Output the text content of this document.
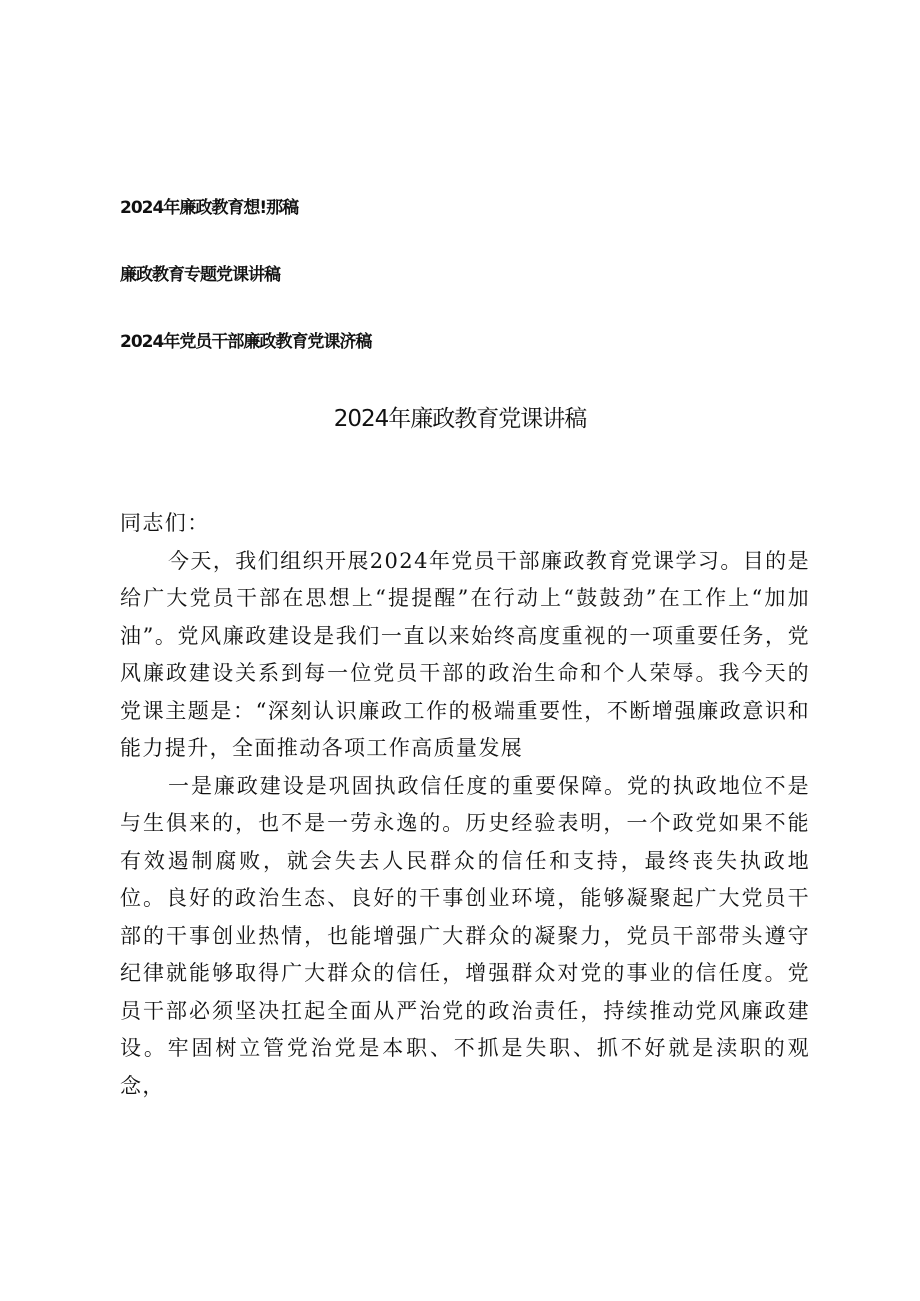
2024年廉政教育想!那稿
廉政教育专题党课讲稿
2024年党员干部廉政教育党课济稿
2024年廉政教育党课讲稿

同志们：

今天，我们组织开展2024年党员干部廉政教育党课学习。目的是给广大党员干部在思想上“提提醒”在行动上“鼓鼓劲”在工作上“加加油”。党风廉政建设是我们一直以来始终高度重视的一项重要任务，党风廉政建设关系到每一位党员干部的政治生命和个人荣辱。我今天的党课主题是：“深刻认识廉政工作的极端重要性，不断增强廉政意识和能力提升，全面推动各项工作高质量发展

一是廉政建设是巩固执政信任度的重要保障。党的执政地位不是与生俱来的，也不是一劳永逸的。历史经验表明，一个政党如果不能有效遏制腐败，就会失去人民群众的信任和支持，最终丧失执政地位。良好的政治生态、良好的干事创业环境，能够凝聚起广大党员干部的干事创业热情，也能增强广大群众的凝聚力，党员干部带头遵守纪律就能够取得广大群众的信任，增强群众对党的事业的信任度。党员干部必须坚决扛起全面从严治党的政治责任，持续推动党风廉政建设。牢固树立管党治党是本职、不抓是失职、抓不好就是渎职的观念，
